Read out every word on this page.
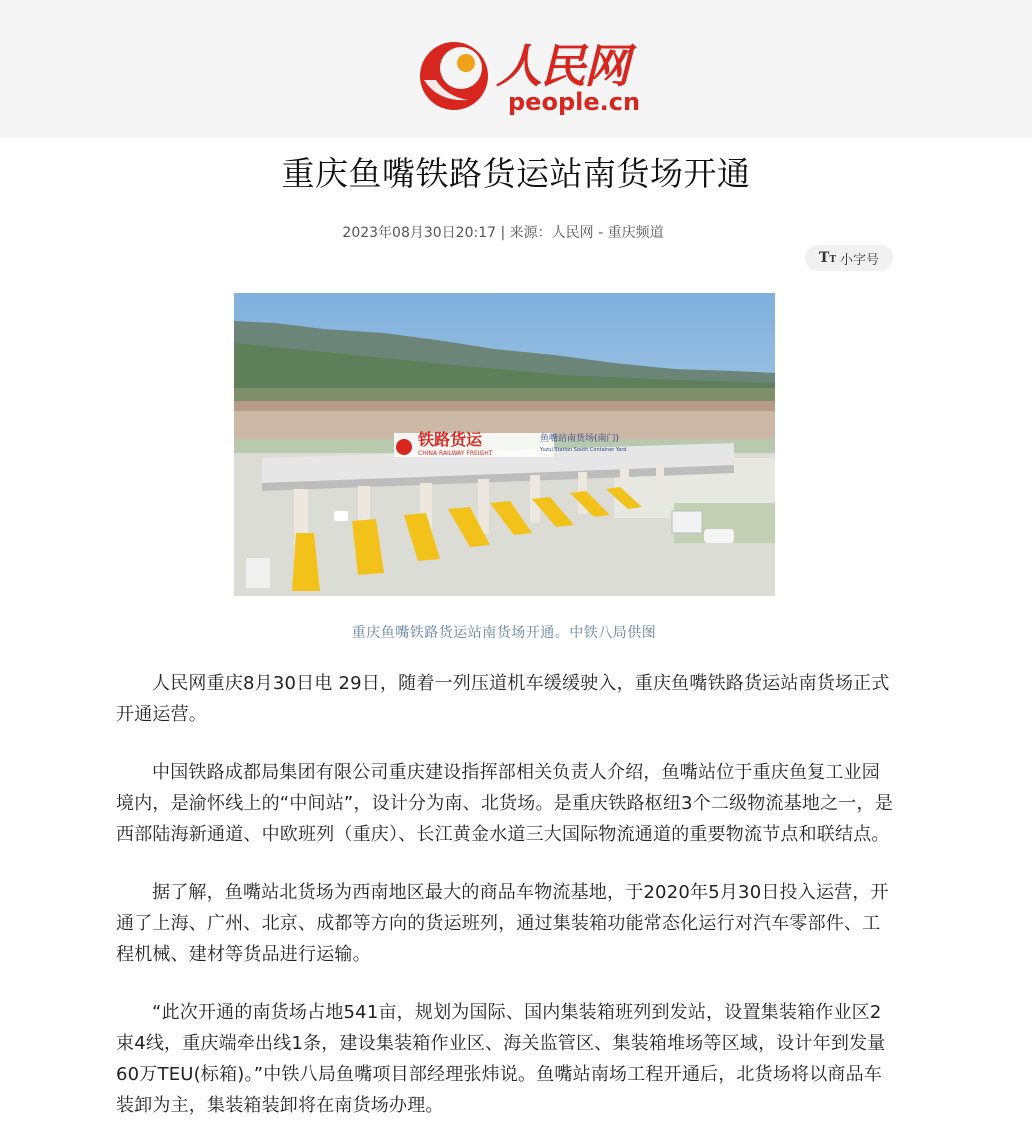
人民网
people.cn
重庆鱼嘴铁路货运站南货场开通
2023年08月30日20:17 | 来源：人民网 - 重庆频道
TT 小字号
铁路货运
CHINA RAILWAY FREIGHT
鱼嘴站南货场(南门)
Yuzui Station South Container Yard
重庆鱼嘴铁路货运站南货场开通。中铁八局供图

人民网重庆8月30日电 29日，随着一列压道机车缓缓驶入，重庆鱼嘴铁路货运站南货场正式开通运营。

中国铁路成都局集团有限公司重庆建设指挥部相关负责人介绍，鱼嘴站位于重庆鱼复工业园境内，是渝怀线上的“中间站”，设计分为南、北货场。是重庆铁路枢纽3个二级物流基地之一，是西部陆海新通道、中欧班列（重庆）、长江黄金水道三大国际物流通道的重要物流节点和联结点。

据了解，鱼嘴站北货场为西南地区最大的商品车物流基地，于2020年5月30日投入运营，开通了上海、广州、北京、成都等方向的货运班列，通过集装箱功能常态化运行对汽车零部件、工程机械、建材等货品进行运输。

“此次开通的南货场占地541亩，规划为国际、国内集装箱班列到发站，设置集装箱作业区2束4线，重庆端牵出线1条，建设集装箱作业区、海关监管区、集装箱堆场等区域，设计年到发量60万TEU(标箱)。”中铁八局鱼嘴项目部经理张炜说。鱼嘴站南场工程开通后，北货场将以商品车装卸为主，集装箱装卸将在南货场办理。
